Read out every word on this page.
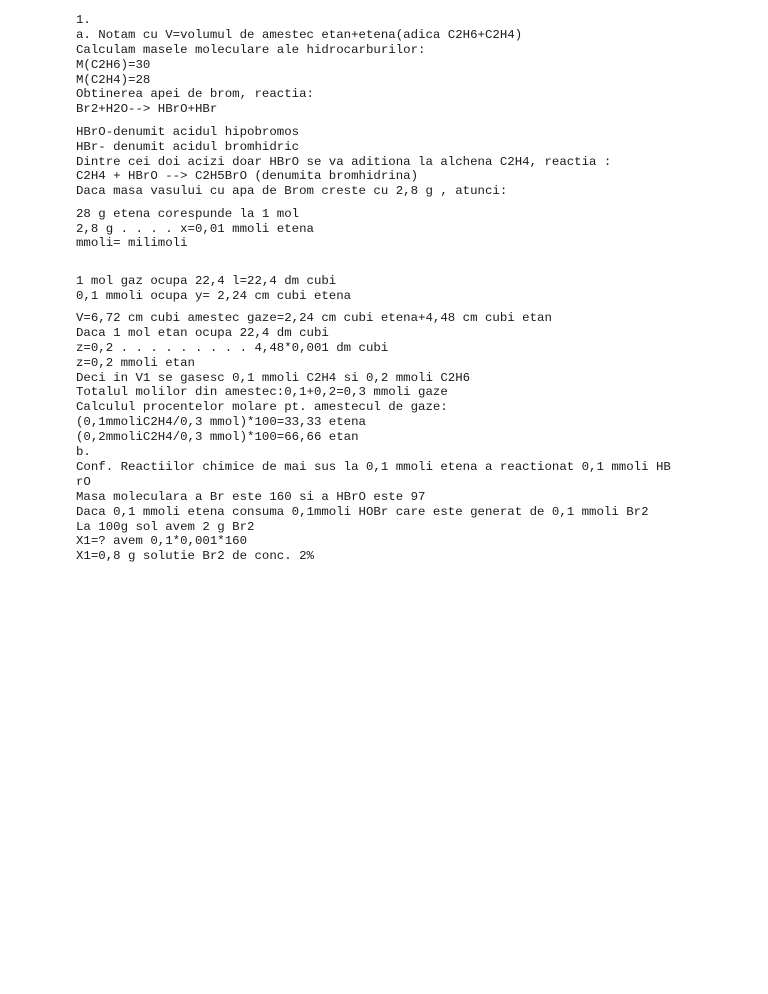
1.
a. Notam cu V=volumul de amestec etan+etena(adica C2H6+C2H4)
Calculam masele moleculare ale hidrocarburilor:
M(C2H6)=30
M(C2H4)=28
Obtinerea apei de brom, reactia:
Br2+H2O--> HBrO+HBr
HBrO-denumit acidul hipobromos
HBr- denumit acidul bromhidric
Dintre cei doi acizi doar HBrO se va aditiona la alchena C2H4, reactia :
C2H4 + HBrO --> C2H5BrO (denumita bromhidrina)
Daca masa vasului cu apa de Brom creste cu 2,8 g , atunci:
28 g etena corespunde la 1 mol
2,8 g . . . . x=0,01 mmoli etena
mmoli= milimoli
1 mol gaz ocupa 22,4 l=22,4 dm cubi
0,1 mmoli ocupa y= 2,24 cm cubi etena
V=6,72 cm cubi amestec gaze=2,24 cm cubi etena+4,48 cm cubi etan
Daca 1 mol etan ocupa 22,4 dm cubi
z=0,2 . . . . . . . . . 4,48*0,001 dm cubi
z=0,2 mmoli etan
Deci in V1 se gasesc 0,1 mmoli C2H4 si 0,2 mmoli C2H6
Totalul molilor din amestec:0,1+0,2=0,3 mmoli gaze
Calculul procentelor molare pt. amestecul de gaze:
(0,1mmoliC2H4/0,3 mmol)*100=33,33 etena
(0,2mmoliC2H4/0,3 mmol)*100=66,66 etan
b.
Conf. Reactiilor chimice de mai sus la 0,1 mmoli etena a reactionat 0,1 mmoli HB
rO
Masa moleculara a Br este 160 si a HBrO este 97
Daca 0,1 mmoli etena consuma 0,1mmoli HOBr care este generat de 0,1 mmoli Br2
La 100g sol avem 2 g Br2
X1=? avem 0,1*0,001*160
X1=0,8 g solutie Br2 de conc. 2%
